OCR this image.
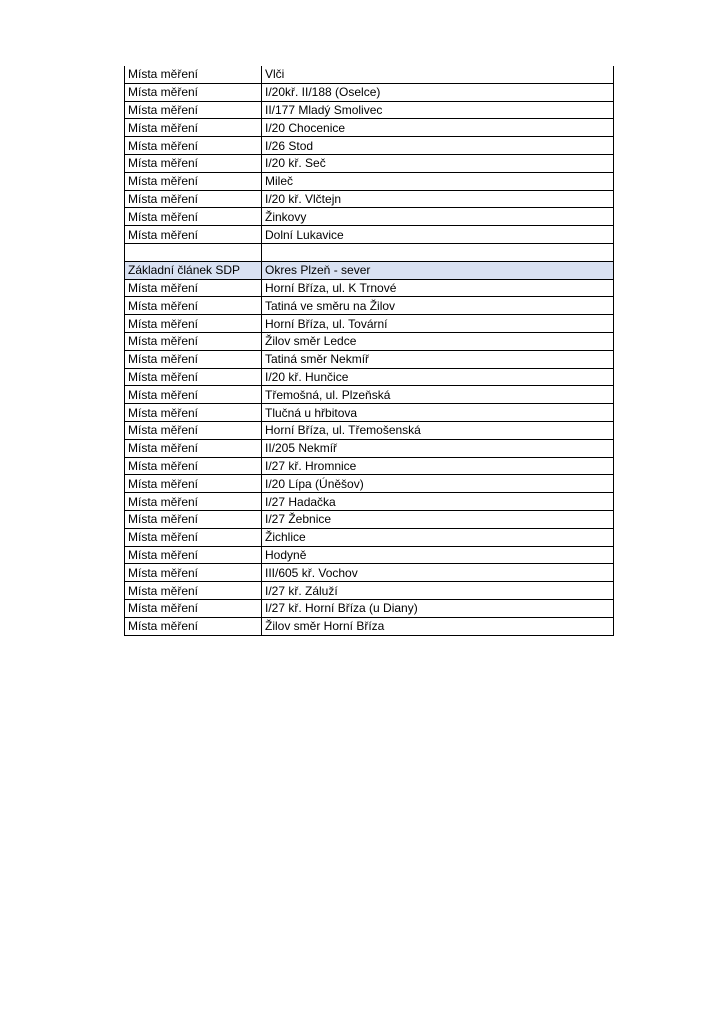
Místa měření	Vlči
Místa měření	I/20kř. II/188 (Oselce)
Místa měření	II/177 Mladý Smolivec
Místa měření	I/20 Chocenice
Místa měření	I/26 Stod
Místa měření	I/20 kř. Seč
Místa měření	Mileč
Místa měření	I/20 kř. Vlčtejn
Místa měření	Žinkovy
Místa měření	Dolní Lukavice

Základní článek SDP	Okres Plzeň - sever
Místa měření	Horní Bříza, ul. K Trnové
Místa měření	Tatiná ve směru na Žilov
Místa měření	Horní Bříza, ul. Tovární
Místa měření	Žilov směr Ledce
Místa měření	Tatiná směr Nekmíř
Místa měření	I/20 kř. Hunčice
Místa měření	Třemošná, ul. Plzeňská
Místa měření	Tlučná u hřbitova
Místa měření	Horní Bříza, ul. Třemošenská
Místa měření	II/205 Nekmíř
Místa měření	I/27 kř. Hromnice
Místa měření	I/20 Lípa (Úněšov)
Místa měření	I/27 Hadačka
Místa měření	I/27 Žebnice
Místa měření	Žichlice
Místa měření	Hodyně
Místa měření	III/605 kř. Vochov
Místa měření	I/27 kř. Záluží
Místa měření	I/27 kř. Horní Bříza (u Diany)
Místa měření	Žilov směr Horní Bříza
